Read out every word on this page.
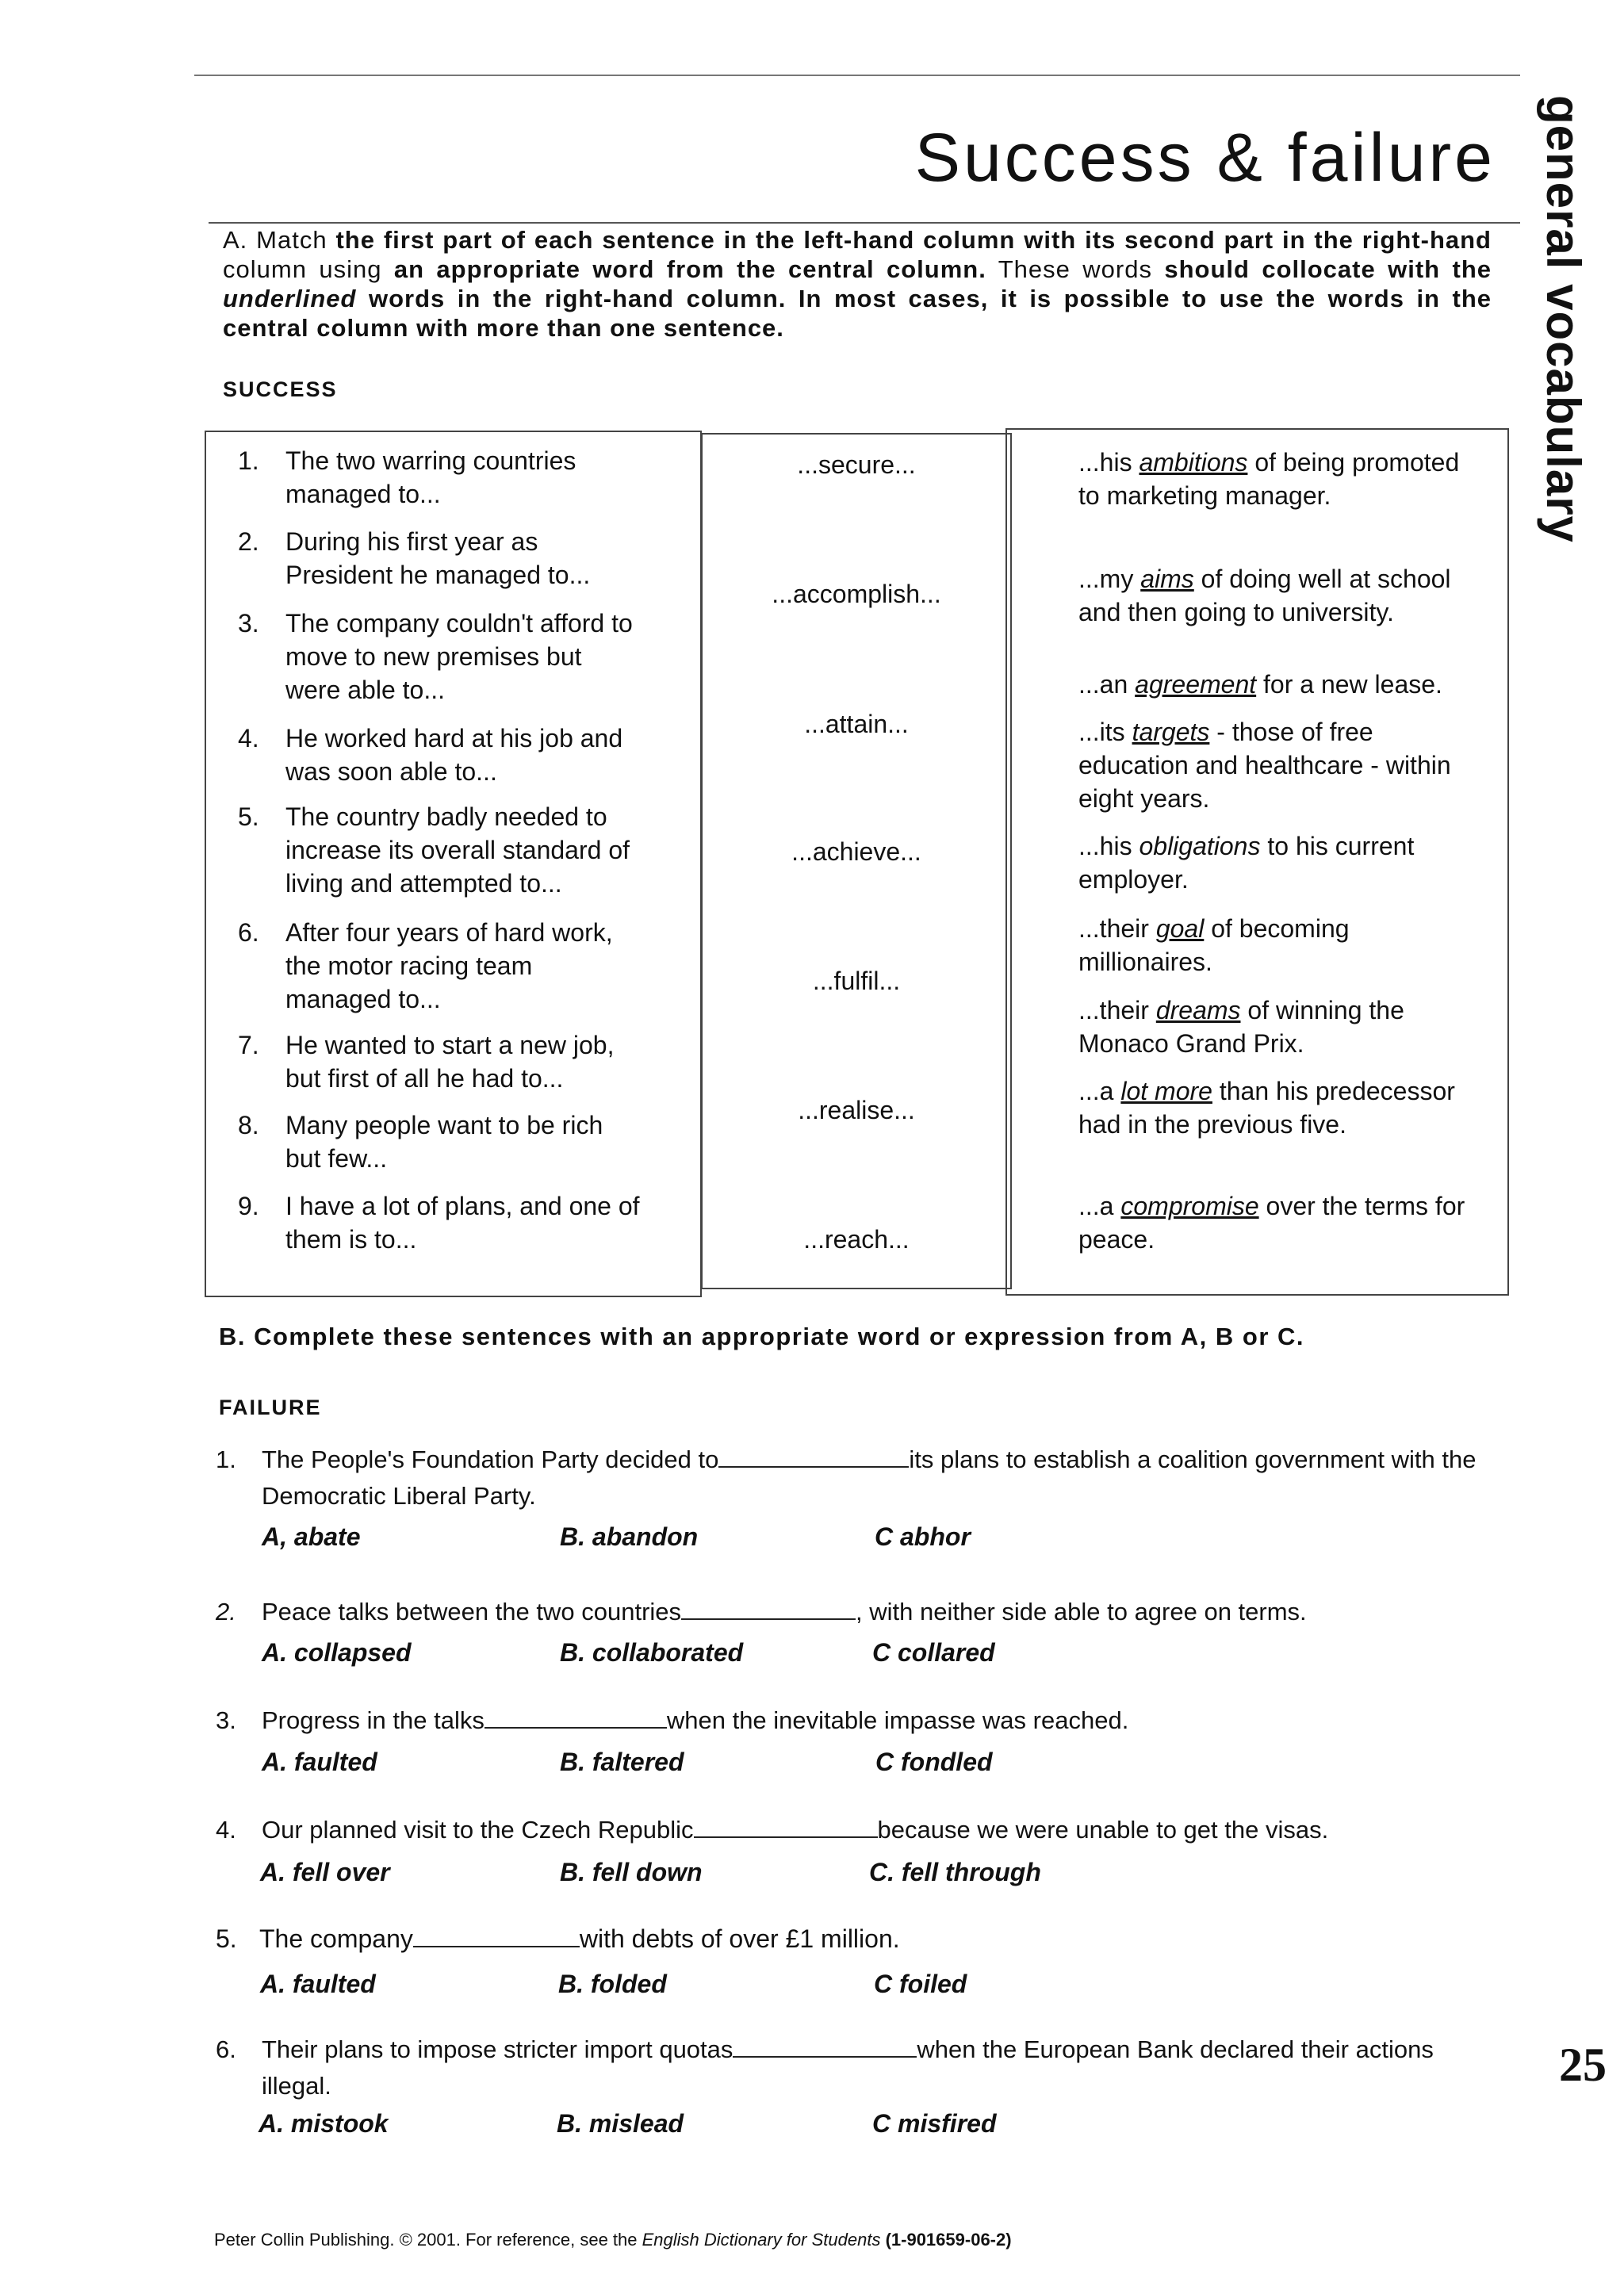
Success & failure general vocabulary
A. Match the first part of each sentence in the left-hand column with its second part in the right-hand column using an appropriate word from the central column. These words should collocate with the underlined words in the right-hand column. In most cases, it is possible to use the words in the central column with more than one sentence.
SUCCESS
1. The two warring countries managed to...
2. During his first year as President he managed to...
3. The company couldn't afford to move to new premises but were able to...
4. He worked hard at his job and was soon able to...
5. The country badly needed to increase its overall standard of living and attempted to...
6. After four years of hard work, the motor racing team managed to...
7. He wanted to start a new job, but first of all he had to...
8. Many people want to be rich but few...
9. I have a lot of plans, and one of them is to...
...secure...
...accomplish...
...attain...
...achieve...
...fulfil...
...realise...
...reach...
...his ambitions of being promoted to marketing manager.
...my aims of doing well at school and then going to university.
...an agreement for a new lease.
...its targets - those of free education and healthcare - within eight years.
...his obligations to his current employer.
...their goal of becoming millionaires.
...their dreams of winning the Monaco Grand Prix.
...a lot more than his predecessor had in the previous five.
...a compromise over the terms for peace.
B. Complete these sentences with an appropriate word or expression from A, B or C.
FAILURE
1. The People's Foundation Party decided to	its plans to establish a coalition government with the Democratic Liberal Party.
A, abate	B. abandon	C abhor
2. Peace talks between the two countries	, with neither side able to agree on terms.
A. collapsed	B. collaborated	C collared
3. Progress in the talks	when the inevitable impasse was reached.
A. faulted	B. faltered	C fondled
4. Our planned visit to the Czech Republic	because we were unable to get the visas.
A. fell over	B. fell down	C. fell through
5. The company	with debts of over £1 million.
A. faulted	B. folded	C foiled
6. Their plans to impose stricter import quotas	when the European Bank declared their actions illegal.
A. mistook	B. mislead	C misfired
25
Peter Collin Publishing. © 2001. For reference, see the English Dictionary for Students (1-901659-06-2)
